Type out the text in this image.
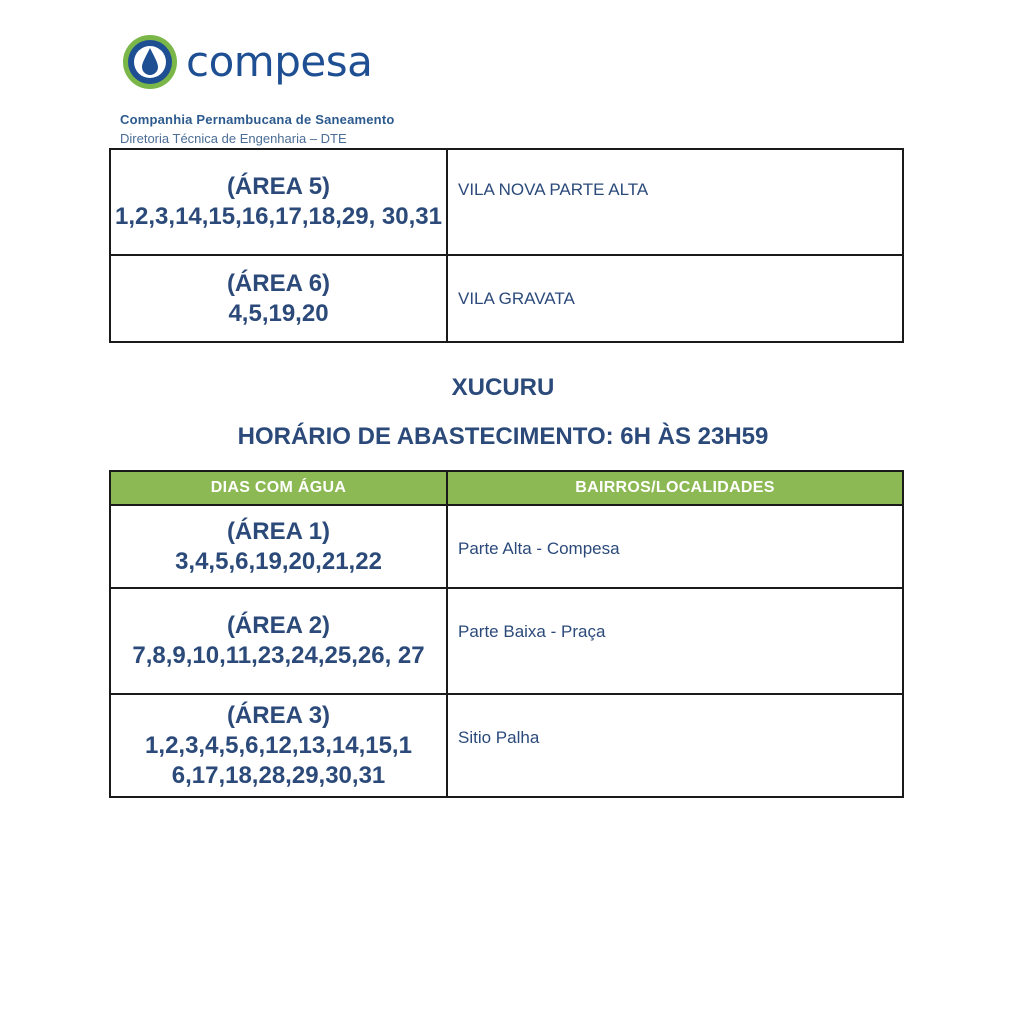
compesa
Companhia Pernambucana de Saneamento
Diretoria Técnica de Engenharia – DTE
(ÁREA 5)
1,2,3,14,15,16,17,18,29, 30,31	VILA NOVA PARTE ALTA

(ÁREA 6)
4,5,19,20	VILA GRAVATA
XUCURU
HORÁRIO DE ABASTECIMENTO: 6H ÀS 23H59
DIAS COM ÁGUA	BAIRROS/LOCALIDADES

(ÁREA 1)
3,4,5,6,19,20,21,22	Parte Alta - Compesa

(ÁREA 2)
7,8,9,10,11,23,24,25,26, 27	Parte Baixa - Praça

(ÁREA 3)
1,2,3,4,5,6,12,13,14,15,1 6,17,18,28,29,30,31	Sitio Palha
